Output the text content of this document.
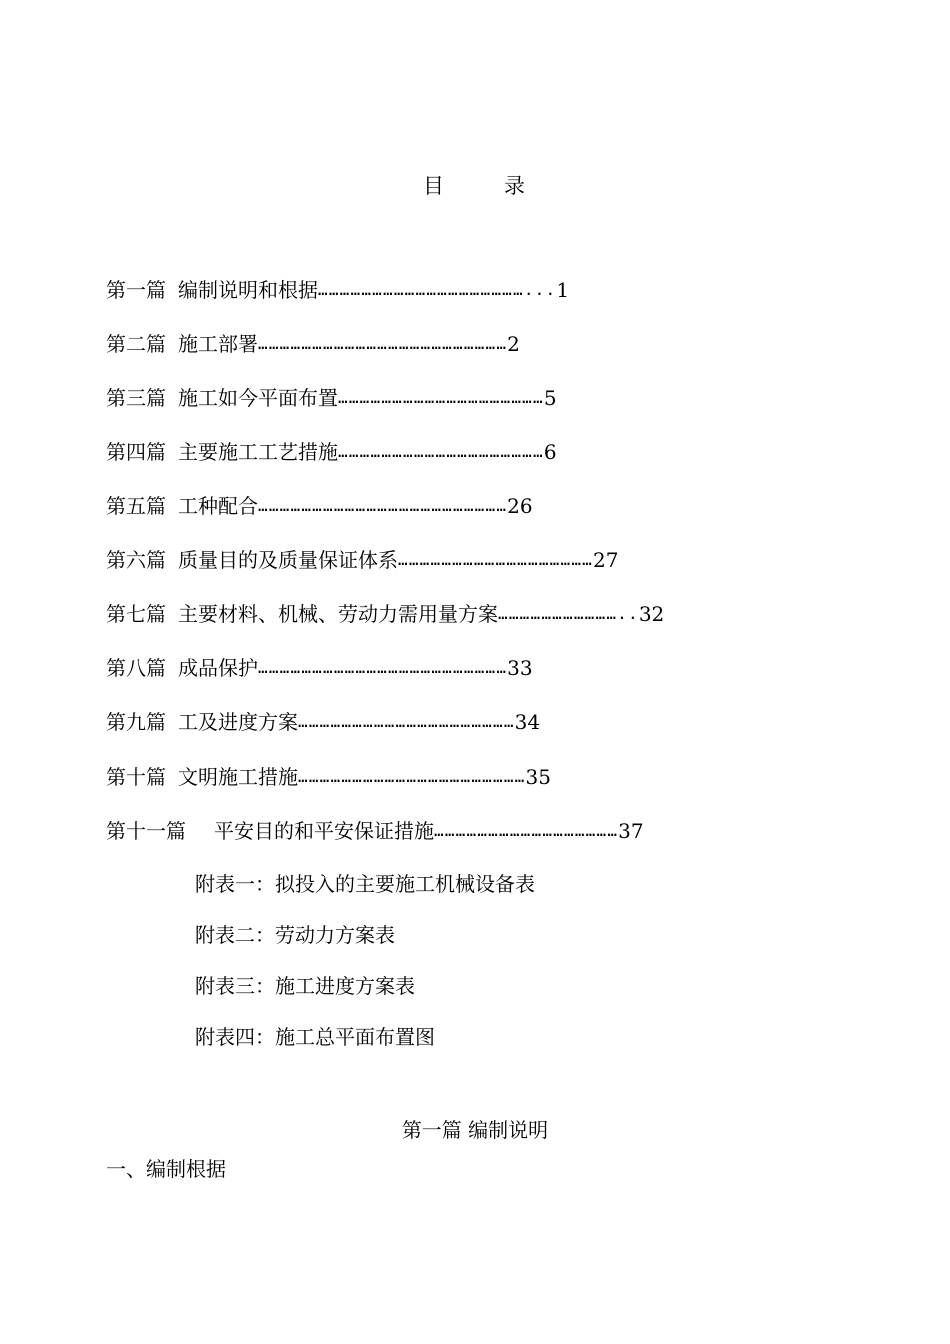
目	录
第一篇 编制说明和根据…………………………………………………...1
第二篇 施工部署……………………………………………………………2
第三篇 施工如今平面布置…………………………………………………5
第四篇 主要施工工艺措施…………………………………………………6
第五篇 工种配合……………………………………………………………26
第六篇 质量目的及质量保证体系………………………………………………27
第七篇 主要材料、机械、劳动力需用量方案……………………………..32
第八篇 成品保护……………………………………………………………33
第九篇 工及进度方案……………………………………………………34
第十篇 文明施工措施………………………………………………………35
第十一篇 平安目的和平安保证措施……………………………………………37
附表一：拟投入的主要施工机械设备表
附表二：劳动力方案表
附表三：施工进度方案表
附表四：施工总平面布置图
第一篇 编制说明
一、编制根据
